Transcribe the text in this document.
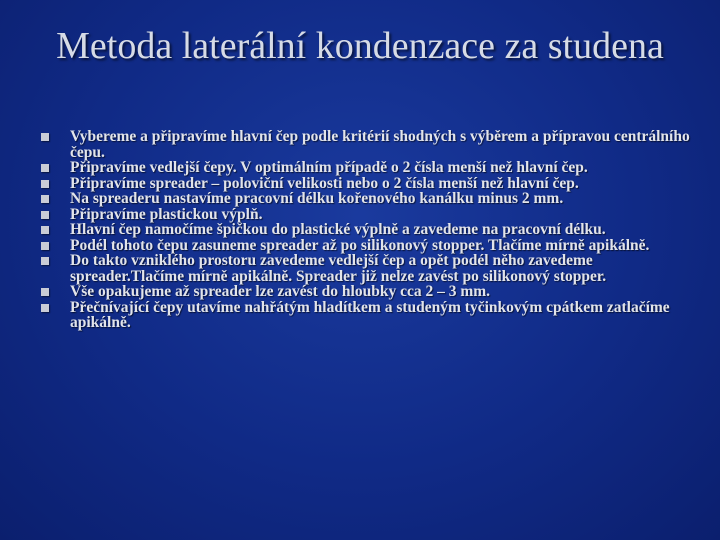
Metoda laterální kondenzace za studena
Vybereme a připravíme hlavní čep podle kritérií shodných s výběrem a přípravou centrálního čepu.
Připravíme vedlejší čepy. V optimálním případě o 2 čísla menší než hlavní čep.
Připravíme spreader – poloviční velikosti nebo o 2 čísla menší než hlavní čep.
Na spreaderu nastavíme pracovní délku kořenového kanálku minus 2 mm.
Připravíme plastickou výplň.
Hlavní čep namočíme špičkou do plastické výplně a zavedeme na pracovní délku.
Podél tohoto čepu zasuneme spreader až po silikonový stopper. Tlačíme mírně apikálně.
Do takto vzniklého prostoru zavedeme vedlejší čep a opět podél něho zavedeme spreader.Tlačíme mírně apikálně. Spreader již nelze zavést po silikonový stopper.
Vše opakujeme až spreader lze zavést do hloubky cca 2 – 3 mm.
Přečnívající čepy utavíme nahřátým hladítkem a studeným tyčinkovým cpátkem zatlačíme apikálně.
